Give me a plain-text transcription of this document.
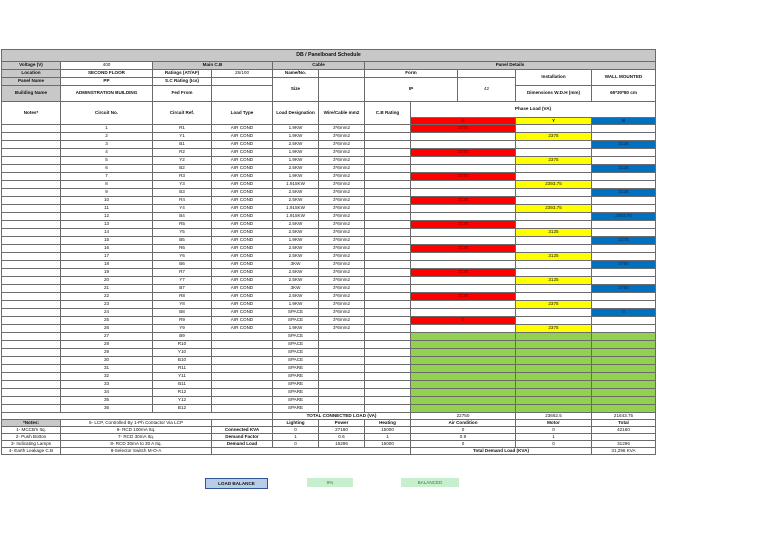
DB / Panelboard Schedule										
Voltage (V)	400	Main C.B		Cable		Panel Details				
Location	SECOND FLOOR	Ratings (AT/AF)	25/100	Name/No.		Form			Installation	WALL MOUNTED
Panel Name	PP	S.C Rating (Ics)		Size		IP		42		
Building Name	ADMINSTRATION BUILDING	Fed From							Dimensions W.D.H (mm)	65*30*80 cm
Notes*	Circuit No.	Circuit Ref.	Load Type	Load Designation	Wire/Cable mm2	C.B Rating	Phase Load (VA)			
							R		Y	B
	1	R1	AIR COND	1.9KW	3*6mm2		2375			
	2	Y1	AIR COND	1.9KW	3*6mm2				2375	
	3	B1	AIR COND	2.5KW	3*6mm2					3125
	4	R2	AIR COND	1.9KW	3*6mm2		2375			
	5	Y2	AIR COND	1.9KW	3*6mm2				2375	
	6	B2	AIR COND	2.5KW	3*6mm2					3125
	7	R3	AIR COND	1.9KW	3*6mm2		2375			
	8	Y3	AIR COND	1.915KW	3*6mm2				2393.75	
	9	B3	AIR COND	2.5KW	3*6mm2					3125
	10	R4	AIR COND	2.5KW	3*6mm2		3125			
	11	Y4	AIR COND	1.915KW	3*6mm2				2393.75	
	12	B4	AIR COND	1.915KW	3*6mm2					2393.75
	13	R5	AIR COND	2.5KW	3*6mm2		3125			
	14	Y5	AIR COND	2.5KW	3*6mm2				3125	
	15	B5	AIR COND	1.9KW	3*6mm2					2375
	16	R6	AIR COND	2.5KW	3*6mm2		3125			
	17	Y6	AIR COND	2.5KW	3*6mm2				3125	
	18	B6	AIR COND	3KW	3*6mm2					3750
	19	R7	AIR COND	2.5KW	3*6mm2		3125			
	20	Y7	AIR COND	2.5KW	3*6mm2				3125	
	21	B7	AIR COND	3KW	3*6mm2					3750
	22	R8	AIR COND	2.5KW	3*6mm2		3125			
	23	Y8	AIR COND	1.9KW	3*6mm2				2375	
	24	B8	AIR COND	SPACE	3*6mm2					0
	25	R9	AIR COND	SPACE	3*6mm2		0			
	26	Y9	AIR COND	1.9KW	3*6mm2				2375	
	27	B9		SPACE						
	28	R10		SPACE						
	29	Y10		SPACE						
	30	B10		SPACE						
	31	R11		SPARE						
	32	Y11		SPARE						
	33	B11		SPARE						
	34	R12		SPARE						
	35	Y12		SPARE						
	36	B12		SPARE						
				TOTAL CONNECTED LOAD (VA)			22750		23662.5	21643.75
*Notes:	5- LCP, Controlled By 1-Ph Contactor Via LCP			Lighting	Power	Heating	Air Condition		Motor	Total
1- MCCB's Itq.	6- RCD 100mA Itq.		Connected KVA	0	27160	15000	0		0	42160
2- Push Botton	7- RCD 30mA Itq.		Demand Factor	1	0.6	1	0.9		1	
3- Indicating Lamps	8- RCD 30mA to 30 A Itq.		Demand Load	0	16296	15000	0		0	31296
4- Earth Leakage C.B	9-Selector Switch M-O-A						Total Demand Load (KVA)			31,296 KVA
LOAD BALANCE	9%	BALANCED
